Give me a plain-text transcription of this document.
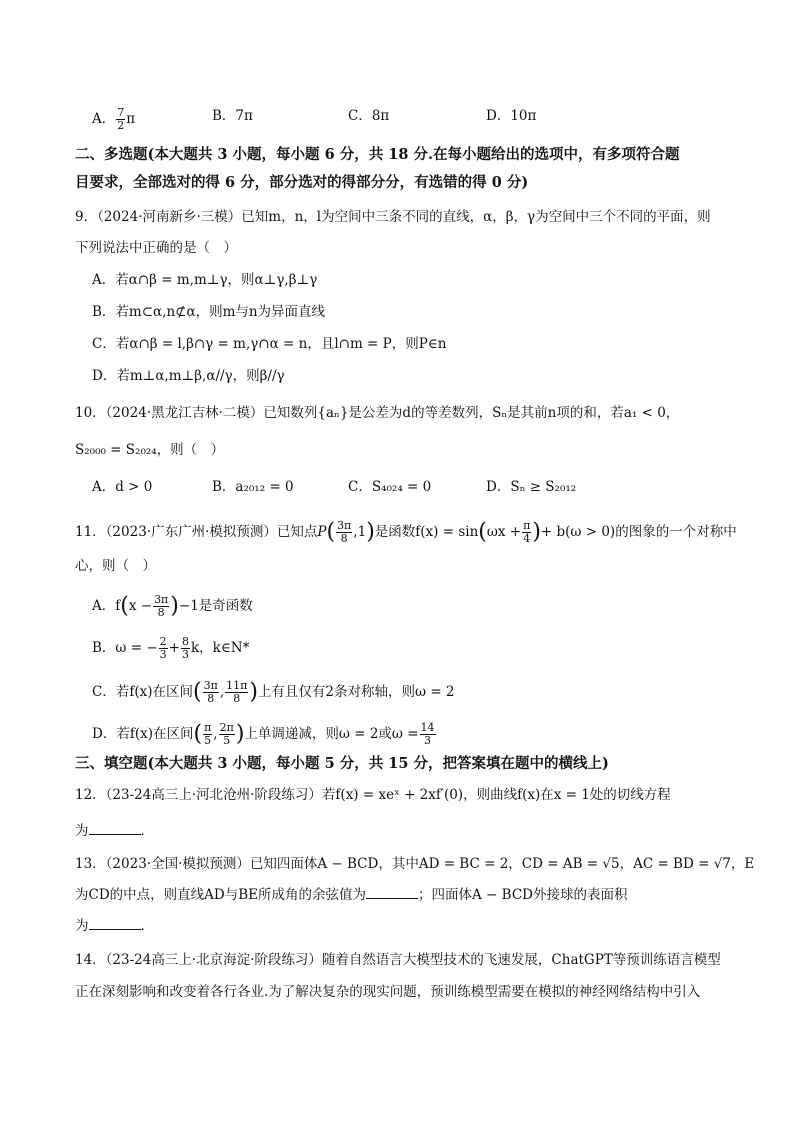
A． $\frac{7}{2}$ π	B．7π	C．8π	D．10π
二、多选题(本大题共 3 小题，每小题 6 分，共 18 分.在每小题给出的选项中，有多项符合题
目要求，全部选对的得 6 分，部分选对的得部分分，有选错的得 0 分)
9．（2024·河南新乡·三模）已知m，n，l为空间中三条不同的直线，α，β，γ为空间中三个不同的平面，则
下列说法中正确的是（　）
A．若α∩β = m,m⊥γ，则α⊥γ,β⊥γ
B．若m⊂α,n⊄α，则m与n为异面直线
C．若α∩β = l,β∩γ = m,γ∩α = n，且l∩m = P，则P∈n
D．若m⊥α,m⊥β,α//γ，则β//γ
10．（2024·黑龙江吉林·二模）已知数列{aₙ}是公差为d的等差数列，Sₙ是其前n项的和，若a₁ < 0，
S₂₀₀₀ = S₂₀₂₄，则（　）
A．d > 0	B．a₂₀₁₂ = 0	C．S₄₀₂₄ = 0	D．Sₙ ≥ S₂₀₁₂
11．（2023·广东广州·模拟预测）已知点$P( \frac{3\pi}{8} ,1)$是函数$f(x) = \sin(\omega x + \frac{\pi}{4}$ )+ b(ω > 0)的图象的一个对称中
心，则（　）
A．$f(x - \frac{3\pi}{8} )-1$是奇函数
B．ω = − $\frac{2}{3} + \frac{8}{3}$ k，k∈N*
C．若f(x)在区间( $\frac{3\pi}{8}$ , $\frac{11\pi}{8}$ )上有且仅有2条对称轴，则ω = 2
D．若f(x)在区间( $\frac{\pi}{5}$ , $\frac{2\pi}{5}$ )上单调递减，则ω = 2或$\omega = \frac{14}{3}$
三、填空题(本大题共 3 小题，每小题 5 分，共 15 分，把答案填在题中的横线上)
12．（23-24高三上·河北沧州·阶段练习）若f(x) = xeˣ + 2xf′(0)，则曲线f(x)在x = 1处的切线方程
为	．
13．（2023·全国·模拟预测）已知四面体A − BCD，其中AD = BC = 2，CD = AB = √5，AC = BD = √7，E
为CD的中点，则直线AD与BE所成角的余弦值为	；四面体A − BCD外接球的表面积
为	．
14．（23-24高三上·北京海淀·阶段练习）随着自然语言大模型技术的飞速发展，ChatGPT等预训练语言模型
正在深刻影响和改变着各行各业.为了解决复杂的现实问题，预训练模型需要在模拟的神经网络结构中引入
